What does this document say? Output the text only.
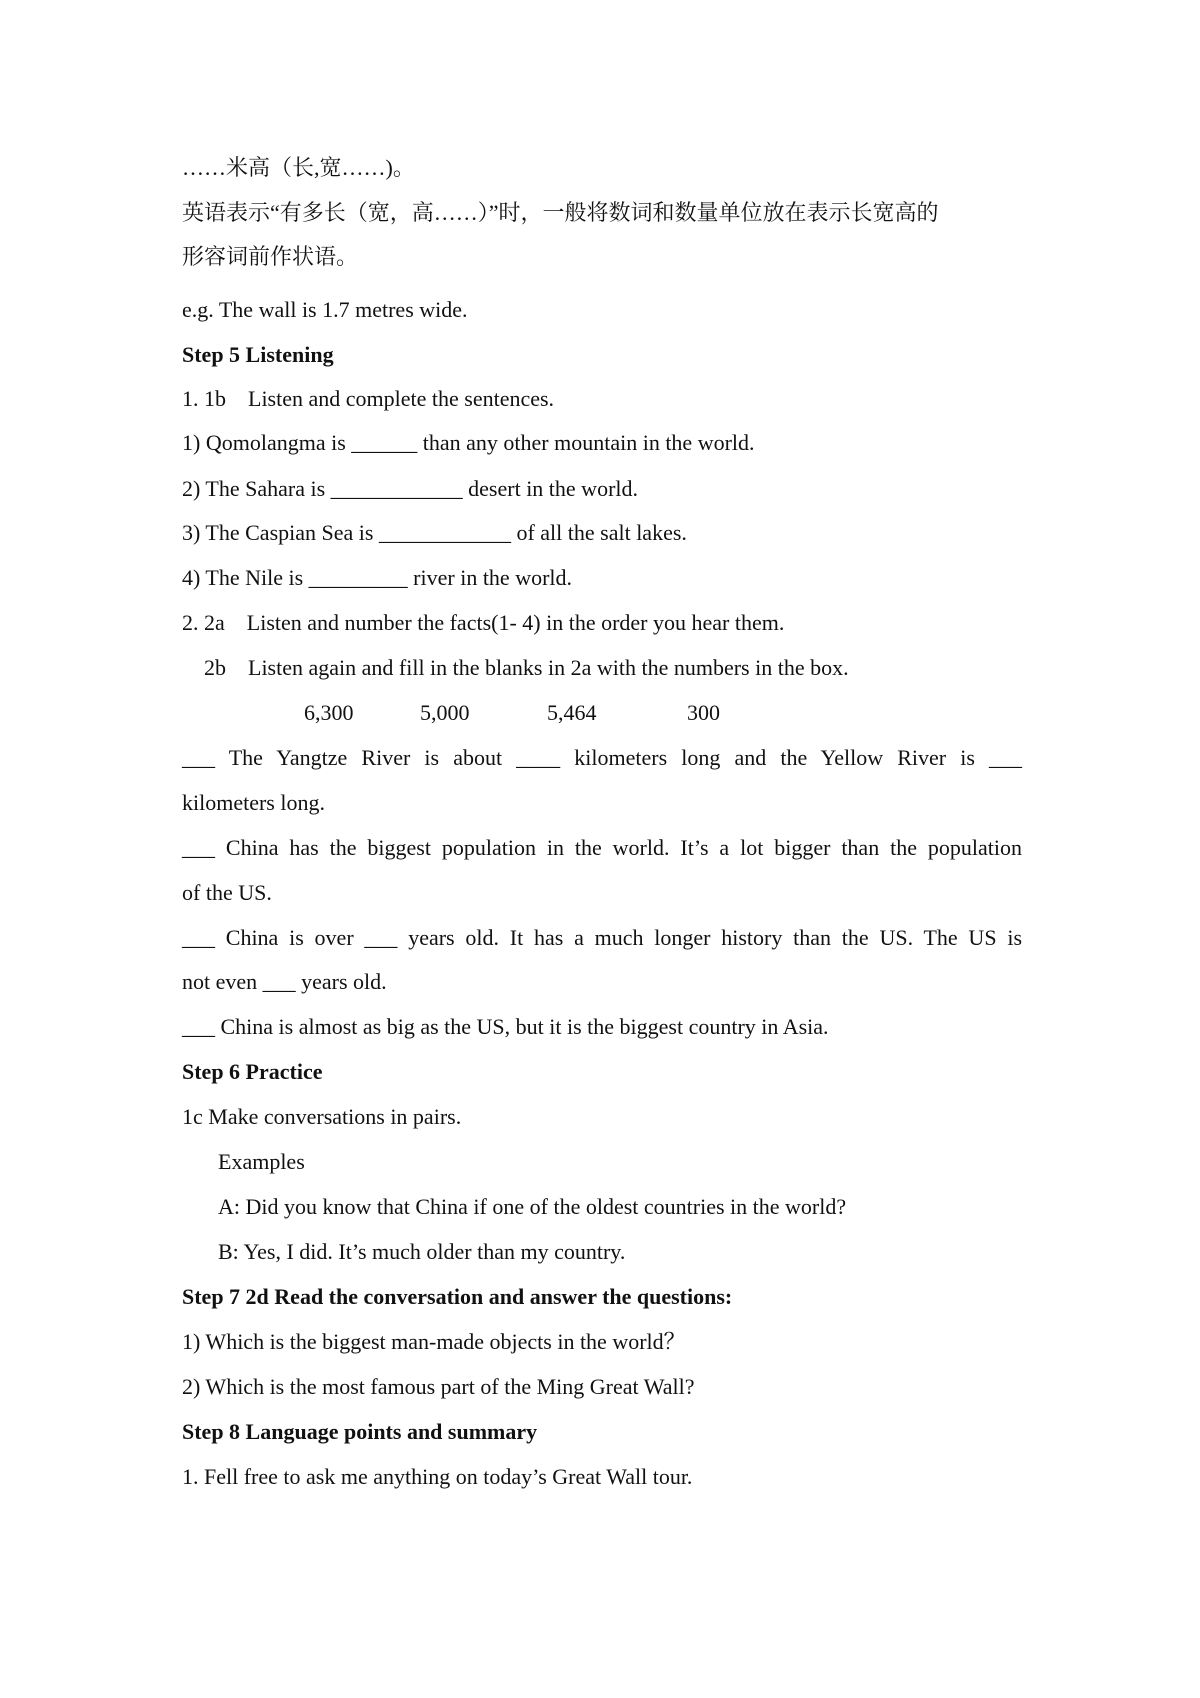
……米高（长,宽……)。
英语表示“有多长（宽，高……）”时，一般将数词和数量单位放在表示长宽高的
形容词前作状语。
e.g. The wall is 1.7 metres wide.
Step 5 Listening
1. 1b    Listen and complete the sentences.
1) Qomolangma is ______ than any other mountain in the world.
2) The Sahara is ____________ desert in the world.
3) The Caspian Sea is ____________ of all the salt lakes.
4) The Nile is _________ river in the world.
2. 2a    Listen and number the facts(1- 4) in the order you hear them.
2b    Listen again and fill in the blanks in 2a with the numbers in the box.
6,300	5,000	5,464	300
___ The Yangtze River is about ____ kilometers long and the Yellow River is ___
kilometers long.
___ China has the biggest population in the world. It’s a lot bigger than the population
of the US.
___ China is over ___ years old. It has a much longer history than the US. The US is
not even ___ years old.
___ China is almost as big as the US, but it is the biggest country in Asia.
Step 6 Practice
1c Make conversations in pairs.
Examples
A: Did you know that China if one of the oldest countries in the world?
B: Yes, I did. It’s much older than my country.
Step 7 2d Read the conversation and answer the questions:
1) Which is the biggest man-made objects in the world？
2) Which is the most famous part of the Ming Great Wall?
Step 8 Language points and summary
1. Fell free to ask me anything on today’s Great Wall tour.
